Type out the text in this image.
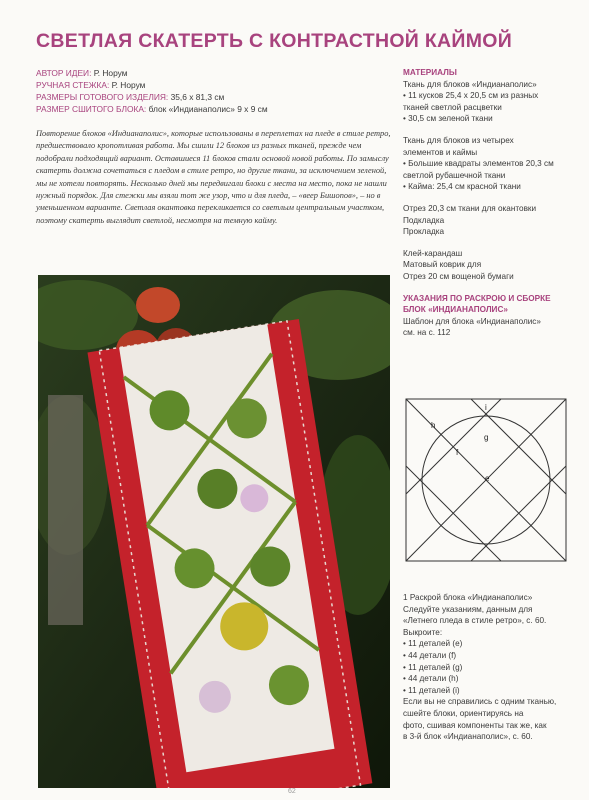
СВЕТЛАЯ СКАТЕРТЬ С КОНТРАСТНОЙ КАЙМОЙ
АВТОР ИДЕИ: Р. Норум
РУЧНАЯ СТЕЖКА: Р. Норум
РАЗМЕРЫ ГОТОВОГО ИЗДЕЛИЯ: 35,6 х 81,3 см
РАЗМЕР СШИТОГО БЛОКА: блок «Индианаполис» 9 х 9 см

Повторение блоков «Индианаполис», которые использованы в переплетах на пледе в стиле ретро, предшествовало кропотливая работа. Мы сшили 12 блоков из разных тканей, прежде чем подобрали подходящий вариант. Оставшиеся 11 блоков стали основой новой работы. По замыслу скатерть должна сочетаться с пледом в стиле ретро, но другие ткани, за исключением зеленой, мы не хотели повторять. Несколько дней мы передвигали блоки с места на место, пока не нашли нужный порядок. Для стежки мы взяли тот же узор, что и для пледа, – «веер Бишопов», – но в уменьшенном варианте. Светлая окантовка перекликается со светлым центральным участком, поэтому скатерть выглядит светлой, несмотря на темную кайму.

МАТЕРИАЛЫ

Ткань для блоков «Индианаполис»

• 11 кусков 25,4 х 20,5 см из разных

тканей светлой расцветки

• 30,5 см зеленой ткани

Ткань для блоков из четырех

элементов и каймы

• Большие квадраты элементов 20,3 см

светлой рубашечной ткани

• Кайма: 25,4 см красной ткани

Отрез 20,3 см ткани для окантовки

Подкладка

Прокладка

Клей-карандаш

Матовый коврик для

Отрез 20 см вощеной бумаги

УКАЗАНИЯ ПО РАСКРОЮ И СБОРКЕ

БЛОК «ИНДИАНАПОЛИС»

Шаблон для блока «Индианаполис»

см. на с. 112

i
h
g
f
e

1 Раскрой блока «Индианаполис»

Следуйте указаниям, данным для

«Летнего пледа в стиле ретро», с. 60.

Выкроите:

• 11 деталей (е)

• 44 детали (f)

• 11 деталей (g)

• 44 детали (h)

• 11 деталей (i)

Если вы не справились с одним тканью,

сшейте блоки, ориентируясь на

фото, сшивая компоненты так же, как

в 3-й блок «Индианаполис», с. 60.

62
